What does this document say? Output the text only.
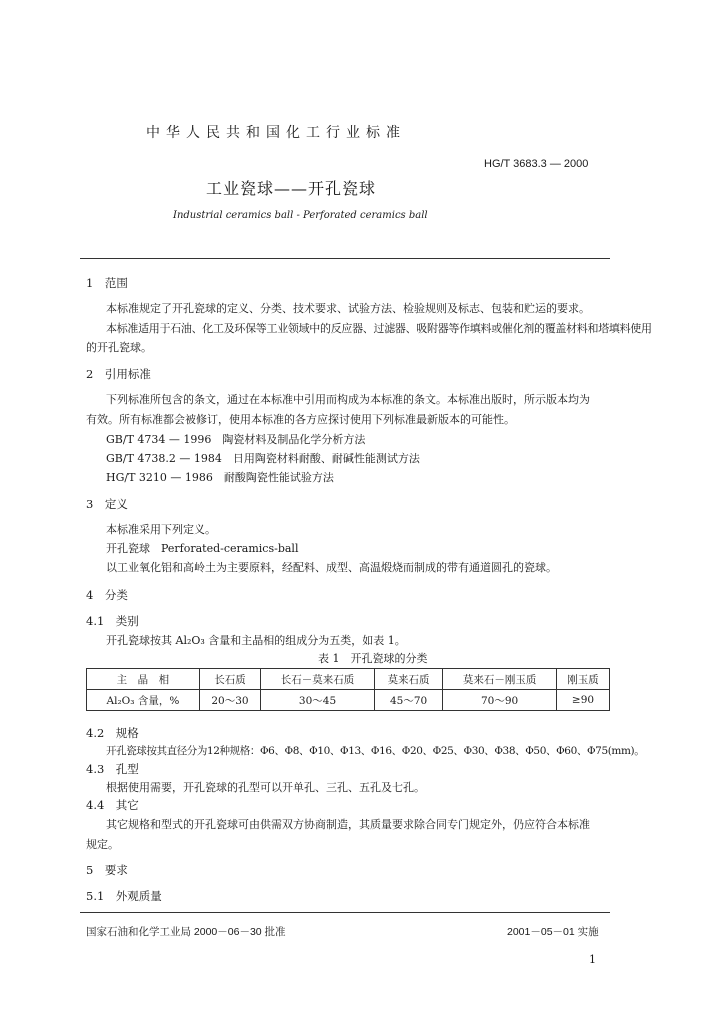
中华人民共和国化工行业标准
HG/T 3683.3 — 2000
工业瓷球——开孔瓷球
Industrial ceramics ball - Perforated ceramics ball
1　范围
本标准规定了开孔瓷球的定义、分类、技术要求、试验方法、检验规则及标志、包装和贮运的要求。
本标准适用于石油、化工及环保等工业领域中的反应器、过滤器、吸附器等作填料或催化剂的覆盖材料和塔填料使用
的开孔瓷球。
2　引用标准
下列标准所包含的条文，通过在本标准中引用而构成为本标准的条文。本标准出版时，所示版本均为
有效。所有标准都会被修订，使用本标准的各方应探讨使用下列标准最新版本的可能性。
GB/T 4734 — 1996　陶瓷材料及制品化学分析方法
GB/T 4738.2 — 1984　日用陶瓷材料耐酸、耐碱性能测试方法
HG/T 3210 — 1986　耐酸陶瓷性能试验方法
3　定义
本标准采用下列定义。
开孔瓷球　Perforated-ceramics-ball
以工业氧化铝和高岭土为主要原料，经配料、成型、高温煅烧而制成的带有通道圆孔的瓷球。
4　分类
4.1　类别
开孔瓷球按其 Al₂O₃ 含量和主晶相的组成分为五类，如表 1。
表 1　开孔瓷球的分类
主　晶　相	长石质	长石－莫来石质	莫来石质	莫来石－刚玉质	刚玉质
Al₂O₃ 含量，%	20～30	30～45	45～70	70～90	≥90
4.2　规格
开孔瓷球按其直径分为12种规格：Φ6、Φ8、Φ10、Φ13、Φ16、Φ20、Φ25、Φ30、Φ38、Φ50、Φ60、Φ75(mm)。
4.3　孔型
根据使用需要，开孔瓷球的孔型可以开单孔、三孔、五孔及七孔。
4.4　其它
其它规格和型式的开孔瓷球可由供需双方协商制造，其质量要求除合同专门规定外，仍应符合本标准
规定。
5　要求
5.1　外观质量
国家石油和化学工业局 2000－06－30 批准	2001－05－01 实施
1
